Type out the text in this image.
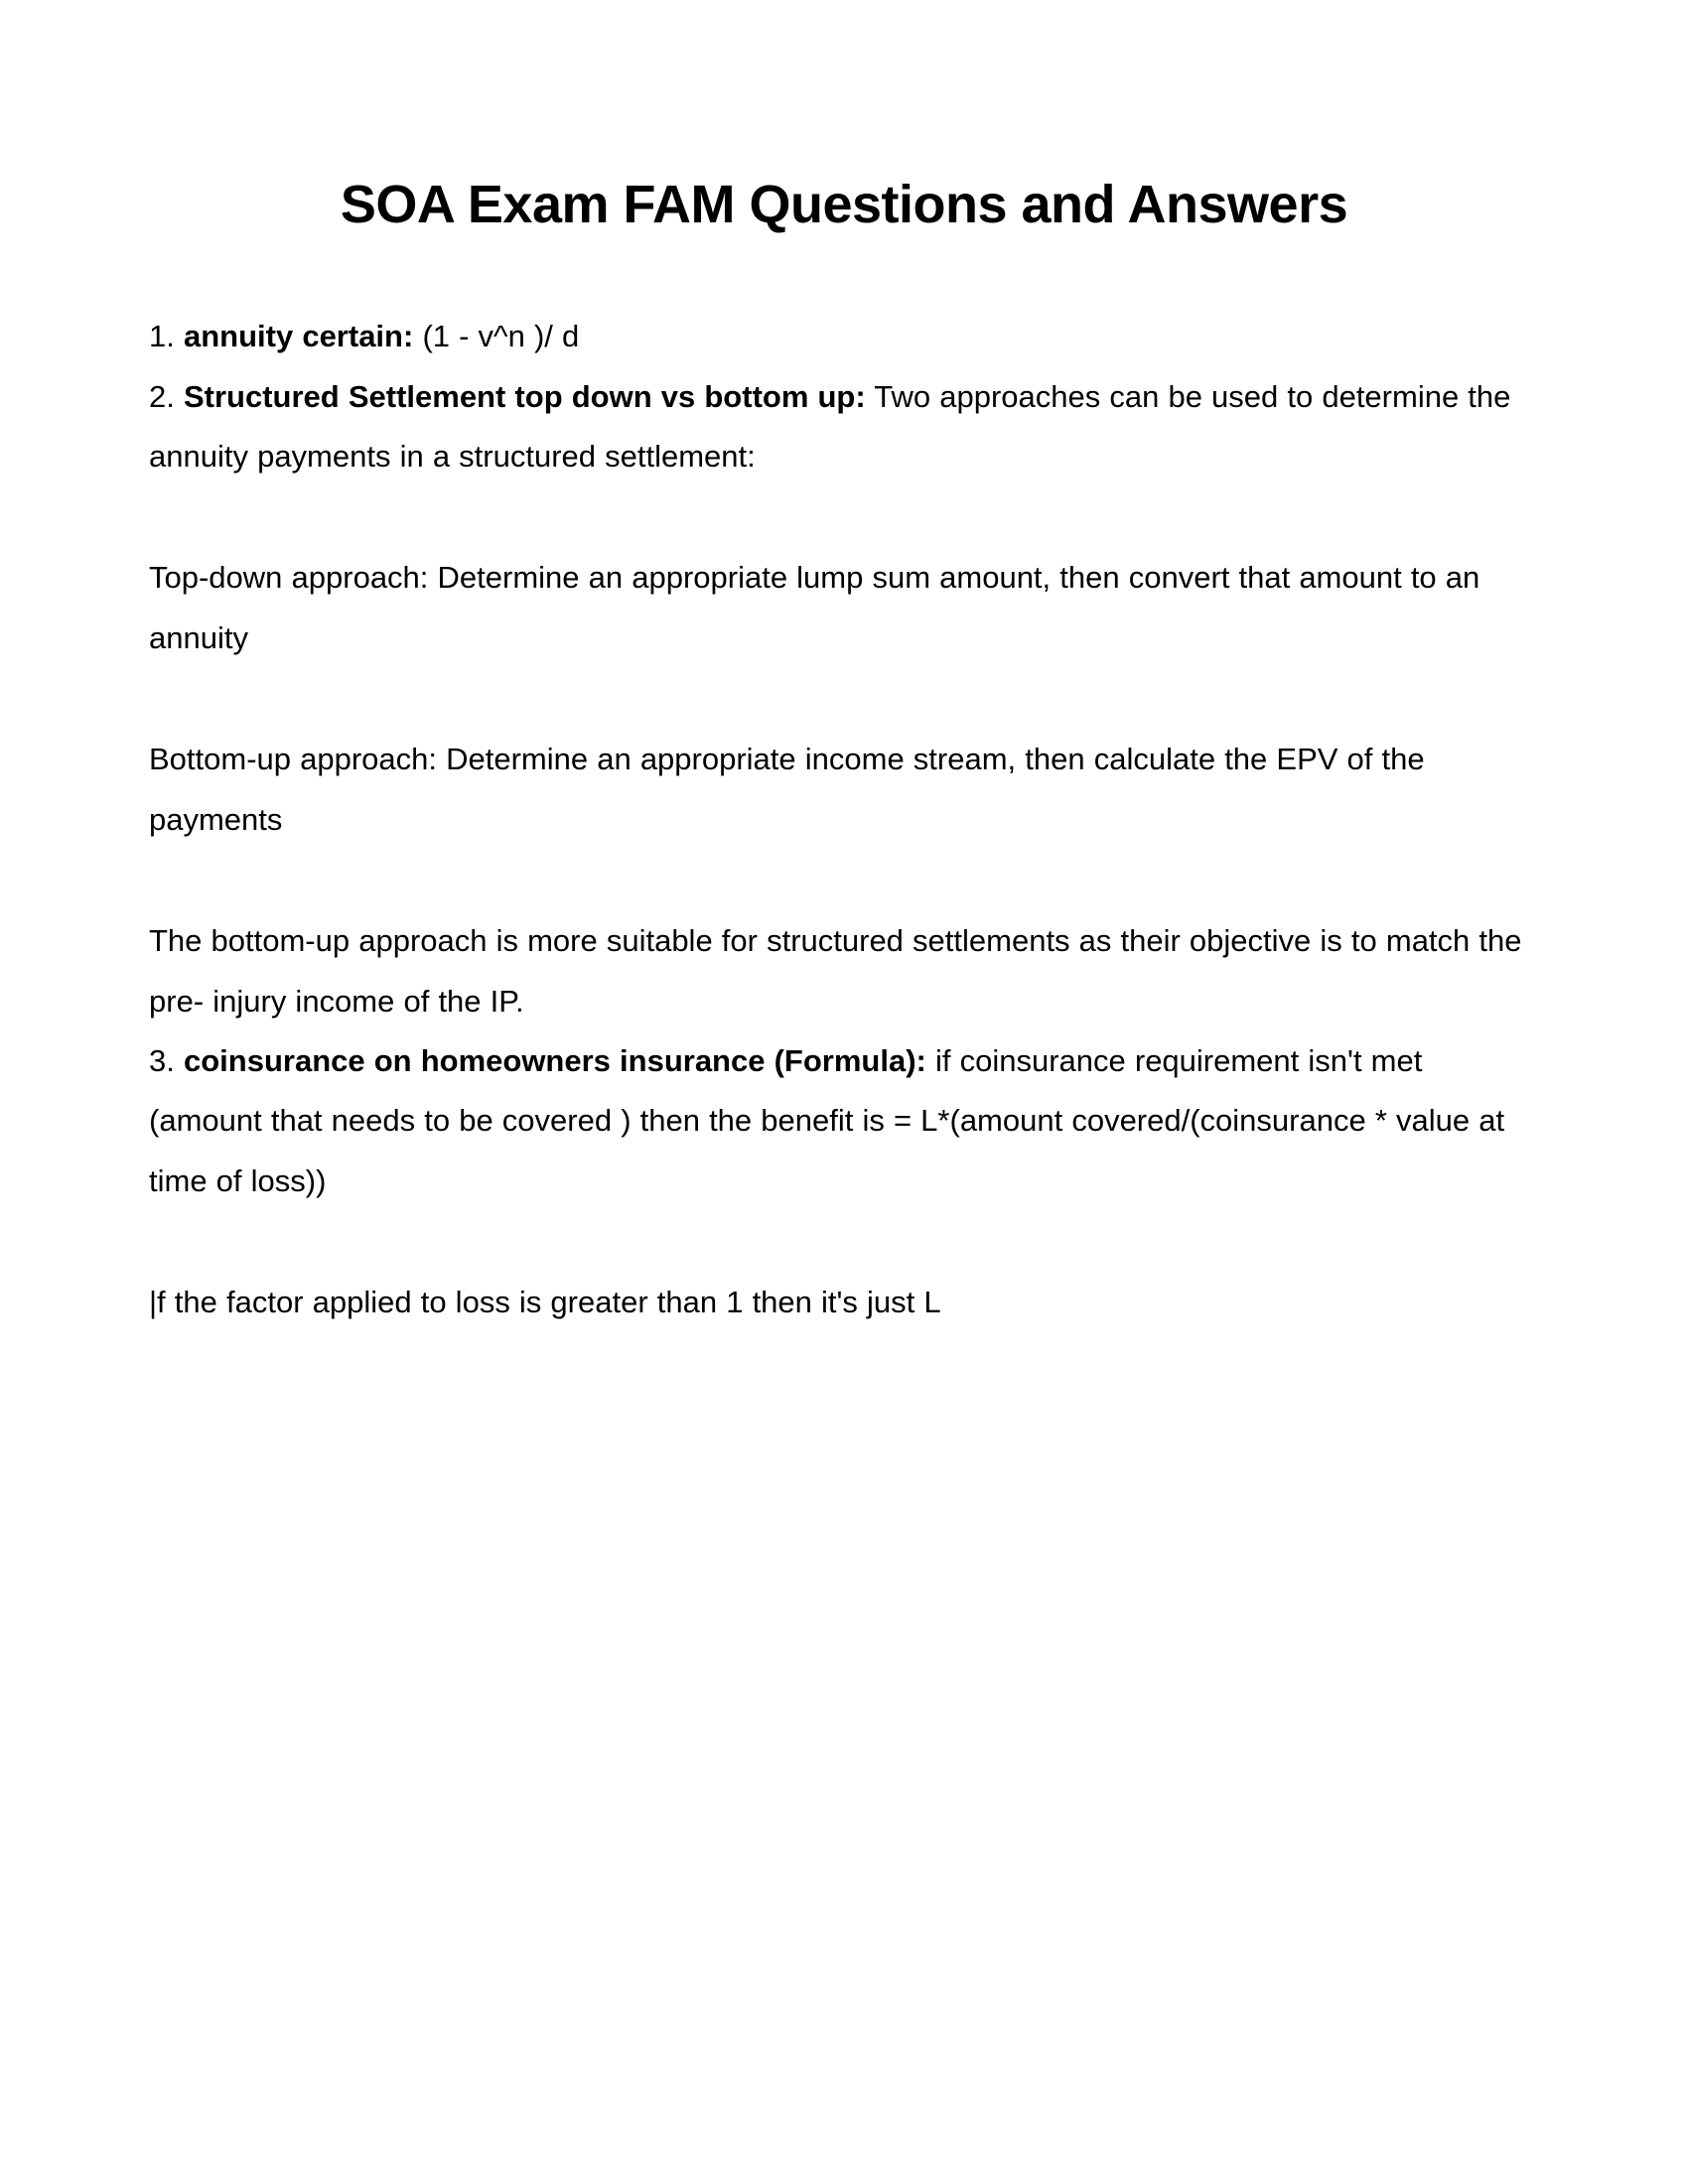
SOA Exam FAM Questions and Answers

1. annuity certain: (1 - v^n )/ d

2. Structured Settlement top down vs bottom up: Two approaches can be used to determine the annuity payments in a structured settlement:

Top-down approach: Determine an appropriate lump sum amount, then convert that amount to an annuity

Bottom-up approach: Determine an appropriate income stream, then calculate the EPV of the payments

The bottom-up approach is more suitable for structured settlements as their objective is to match the pre- injury income of the IP.

3. coinsurance on homeowners insurance (Formula): if coinsurance requirement isn't met (amount that needs to be covered ) then the benefit is = L*(amount covered/(coinsurance * value at time of loss))

|f the factor applied to loss is greater than 1 then it's just L
